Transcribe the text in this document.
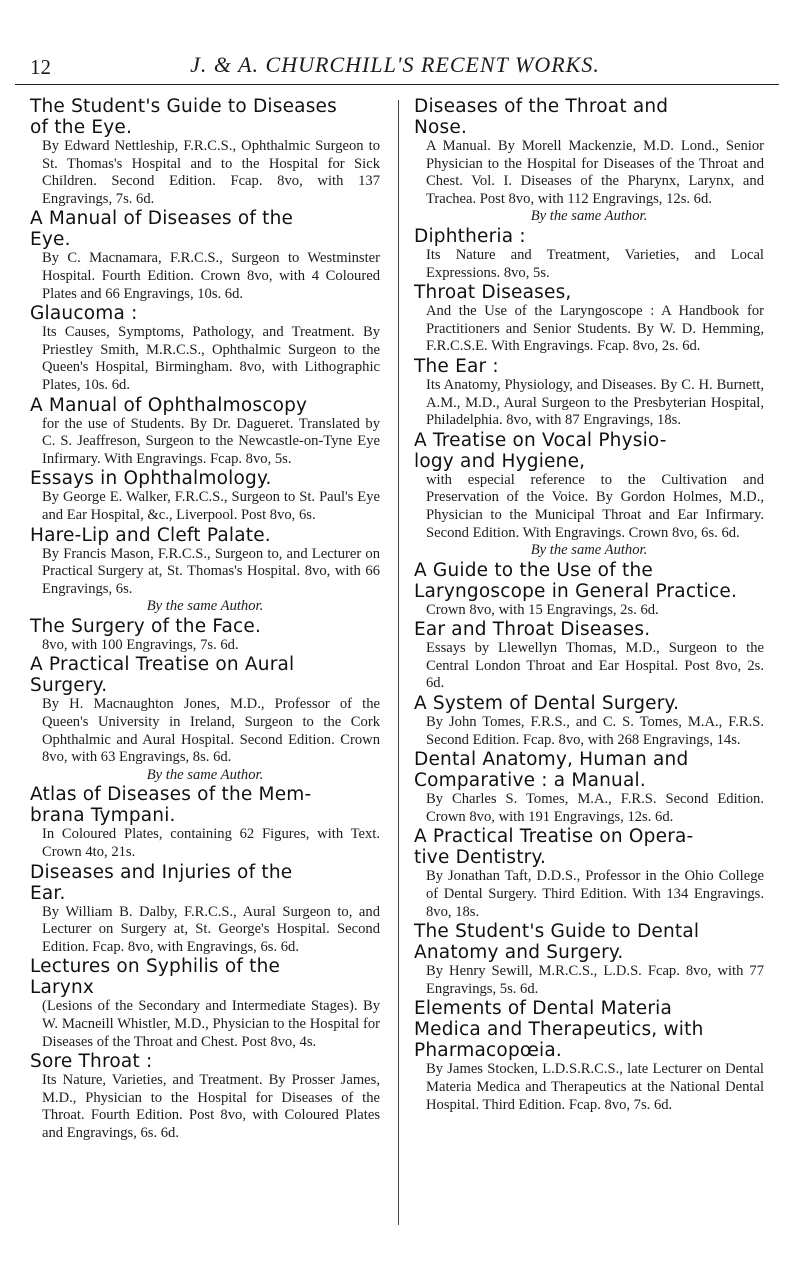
12	J. & A. CHURCHILL'S RECENT WORKS.
The Student's Guide to Diseases
of the Eye.
By Edward Nettleship, F.R.C.S., Ophthalmic Surgeon to St. Thomas's Hospital and to the Hospital for Sick Children. Second Edition. Fcap. 8vo, with 137 Engravings, 7s. 6d.
A Manual of Diseases of the
Eye.
By C. Macnamara, F.R.C.S., Surgeon to Westminster Hospital. Fourth Edition. Crown 8vo, with 4 Coloured Plates and 66 Engravings, 10s. 6d.
Glaucoma :
Its Causes, Symptoms, Pathology, and Treatment. By Priestley Smith, M.R.C.S., Ophthalmic Surgeon to the Queen's Hospital, Birmingham. 8vo, with Lithographic Plates, 10s. 6d.
A Manual of Ophthalmoscopy
for the use of Students. By Dr. Dagueret. Translated by C. S. Jeaffreson, Surgeon to the Newcastle-on-Tyne Eye Infirmary. With Engravings. Fcap. 8vo, 5s.
Essays in Ophthalmology.
By George E. Walker, F.R.C.S., Surgeon to St. Paul's Eye and Ear Hospital, &c., Liverpool. Post 8vo, 6s.
Hare-Lip and Cleft Palate.
By Francis Mason, F.R.C.S., Surgeon to, and Lecturer on Practical Surgery at, St. Thomas's Hospital. 8vo, with 66 Engravings, 6s.
By the same Author.
The Surgery of the Face.
8vo, with 100 Engravings, 7s. 6d.
A Practical Treatise on Aural
Surgery.
By H. Macnaughton Jones, M.D., Professor of the Queen's University in Ireland, Surgeon to the Cork Ophthalmic and Aural Hospital. Second Edition. Crown 8vo, with 63 Engravings, 8s. 6d.
By the same Author.
Atlas of Diseases of the Mem-
brana Tympani.
In Coloured Plates, containing 62 Figures, with Text. Crown 4to, 21s.
Diseases and Injuries of the
Ear.
By William B. Dalby, F.R.C.S., Aural Surgeon to, and Lecturer on Surgery at, St. George's Hospital. Second Edition. Fcap. 8vo, with Engravings, 6s. 6d.
Lectures on Syphilis of the
Larynx
(Lesions of the Secondary and Intermediate Stages). By W. Macneill Whistler, M.D., Physician to the Hospital for Diseases of the Throat and Chest. Post 8vo, 4s.
Sore Throat :
Its Nature, Varieties, and Treatment. By Prosser James, M.D., Physician to the Hospital for Diseases of the Throat. Fourth Edition. Post 8vo, with Coloured Plates and Engravings, 6s. 6d.
Diseases of the Throat and
Nose.
A Manual. By Morell Mackenzie, M.D. Lond., Senior Physician to the Hospital for Diseases of the Throat and Chest. Vol. I. Diseases of the Pharynx, Larynx, and Trachea. Post 8vo, with 112 Engravings, 12s. 6d.
By the same Author.
Diphtheria :
Its Nature and Treatment, Varieties, and Local Expressions. 8vo, 5s.
Throat Diseases,
And the Use of the Laryngoscope : A Handbook for Practitioners and Senior Students. By W. D. Hemming, F.R.C.S.E. With Engravings. Fcap. 8vo, 2s. 6d.
The Ear :
Its Anatomy, Physiology, and Diseases. By C. H. Burnett, A.M., M.D., Aural Surgeon to the Presbyterian Hospital, Philadelphia. 8vo, with 87 Engravings, 18s.
A Treatise on Vocal Physio-
logy and Hygiene,
with especial reference to the Cultivation and Preservation of the Voice. By Gordon Holmes, M.D., Physician to the Municipal Throat and Ear Infirmary. Second Edition. With Engravings. Crown 8vo, 6s. 6d.
By the same Author.
A Guide to the Use of the
Laryngoscope in General Practice.
Crown 8vo, with 15 Engravings, 2s. 6d.
Ear and Throat Diseases.
Essays by Llewellyn Thomas, M.D., Surgeon to the Central London Throat and Ear Hospital. Post 8vo, 2s. 6d.
A System of Dental Surgery.
By John Tomes, F.R.S., and C. S. Tomes, M.A., F.R.S. Second Edition. Fcap. 8vo, with 268 Engravings, 14s.
Dental Anatomy, Human and
Comparative : a Manual.
By Charles S. Tomes, M.A., F.R.S. Second Edition. Crown 8vo, with 191 Engravings, 12s. 6d.
A Practical Treatise on Opera-
tive Dentistry.
By Jonathan Taft, D.D.S., Professor in the Ohio College of Dental Surgery. Third Edition. With 134 Engravings. 8vo, 18s.
The Student's Guide to Dental
Anatomy and Surgery.
By Henry Sewill, M.R.C.S., L.D.S. Fcap. 8vo, with 77 Engravings, 5s. 6d.
Elements of Dental Materia
Medica and Therapeutics, with Pharmacopœia.
By James Stocken, L.D.S.R.C.S., late Lecturer on Dental Materia Medica and Therapeutics at the National Dental Hospital. Third Edition. Fcap. 8vo, 7s. 6d.
